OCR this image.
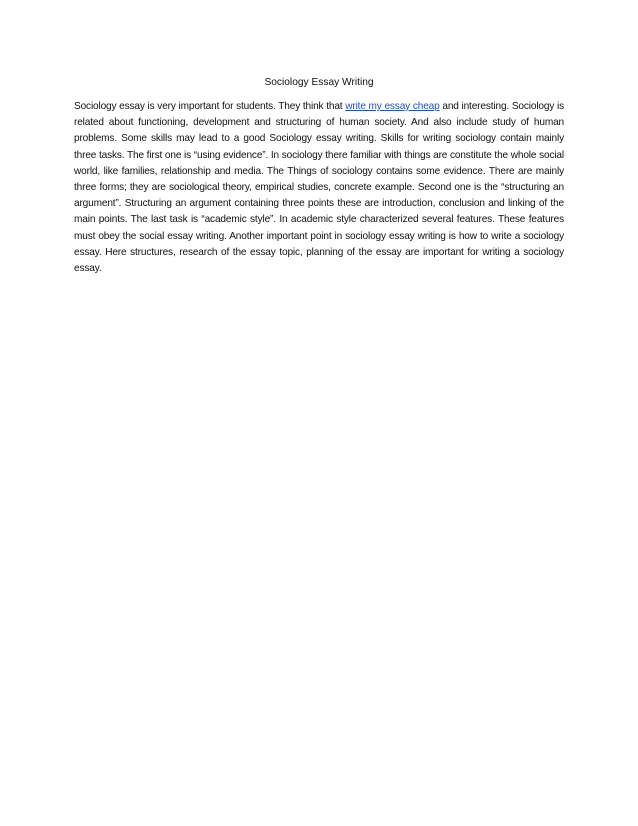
Sociology Essay Writing

Sociology essay is very important for students. They think that write my essay cheap and interesting. Sociology is related about functioning, development and structuring of human society. And also include study of human problems. Some skills may lead to a good Sociology essay writing. Skills for writing sociology contain mainly three tasks. The first one is “using evidence”. In sociology there familiar with things are constitute the whole social world, like families, relationship and media. The Things of sociology contains some evidence. There are mainly three forms; they are sociological theory, empirical studies, concrete example. Second one is the “structuring an argument”. Structuring an argument containing three points these are introduction, conclusion and linking of the main points. The last task is “academic style”. In academic style characterized several features. These features must obey the social essay writing. Another important point in sociology essay writing is how to write a sociology essay. Here structures, research of the essay topic, planning of the essay are important for writing a sociology essay.
